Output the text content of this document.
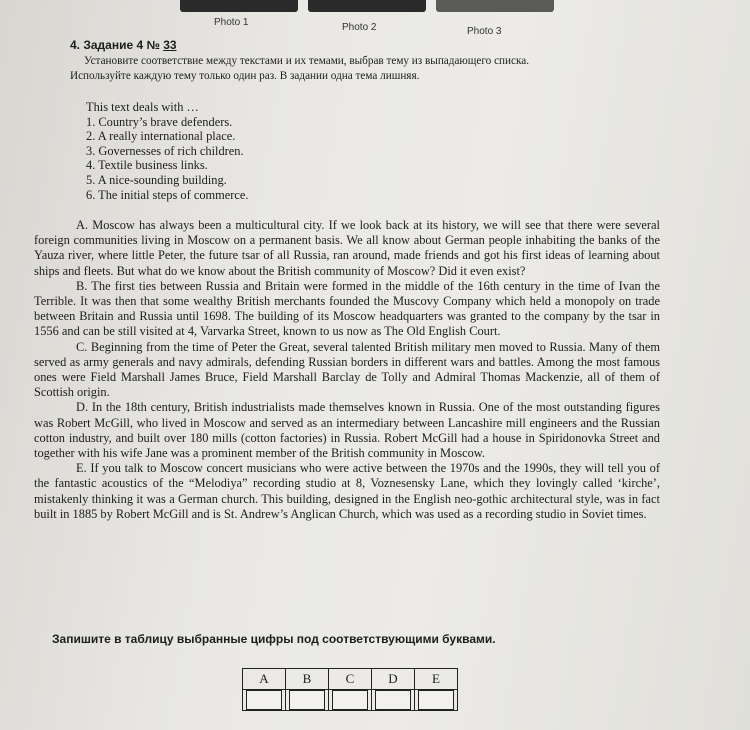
Photo 1	Photo 2	Photo 3
4. Задание 4 № 33

Установите соответствие между текстами и их темами, выбрав тему из выпадающего списка.

Используйте каждую тему только один раз. В задании одна тема лишняя.

This text deals with …
1. Country’s brave defenders.
2. A really international place.
3. Governesses of rich children.
4. Textile business links.
5. A nice-sounding building.
6. The initial steps of commerce.

A. Moscow has always been a multicultural city. If we look back at its history, we will see that there were several foreign communities living in Moscow on a permanent basis. We all know about German people inhabiting the banks of the Yauza river, where little Peter, the future tsar of all Russia, ran around, made friends and got his first ideas of learning about ships and fleets. But what do we know about the British community of Moscow? Did it even exist?

B. The first ties between Russia and Britain were formed in the middle of the 16th century in the time of Ivan the Terrible. It was then that some wealthy British merchants founded the Muscovy Company which held a monopoly on trade between Britain and Russia until 1698. The building of its Moscow headquarters was granted to the company by the tsar in 1556 and can be still visited at 4, Varvarka Street, known to us now as The Old English Court.

C. Beginning from the time of Peter the Great, several talented British military men moved to Russia. Many of them served as army generals and navy admirals, defending Russian borders in different wars and battles. Among the most famous ones were Field Marshall James Bruce, Field Marshall Barclay de Tolly and Admiral Thomas Mackenzie, all of them of Scottish origin.

D. In the 18th century, British industrialists made themselves known in Russia. One of the most outstanding figures was Robert McGill, who lived in Moscow and served as an intermediary between Lancashire mill engineers and the Russian cotton industry, and built over 180 mills (cotton factories) in Russia. Robert McGill had a house in Spiridonovka Street and together with his wife Jane was a prominent member of the British community in Moscow.

E. If you talk to Moscow concert musicians who were active between the 1970s and the 1990s, they will tell you of the fantastic acoustics of the “Melodiya” recording studio at 8, Voznesensky Lane, which they lovingly called ‘kirche’, mistakenly thinking it was a German church. This building, designed in the English neo-gothic architectural style, was in fact built in 1885 by Robert McGill and is St. Andrew’s Anglican Church, which was used as a recording studio in Soviet times.

Запишите в таблицу выбранные цифры под соответствующими буквами.
A	B	C	D	E
